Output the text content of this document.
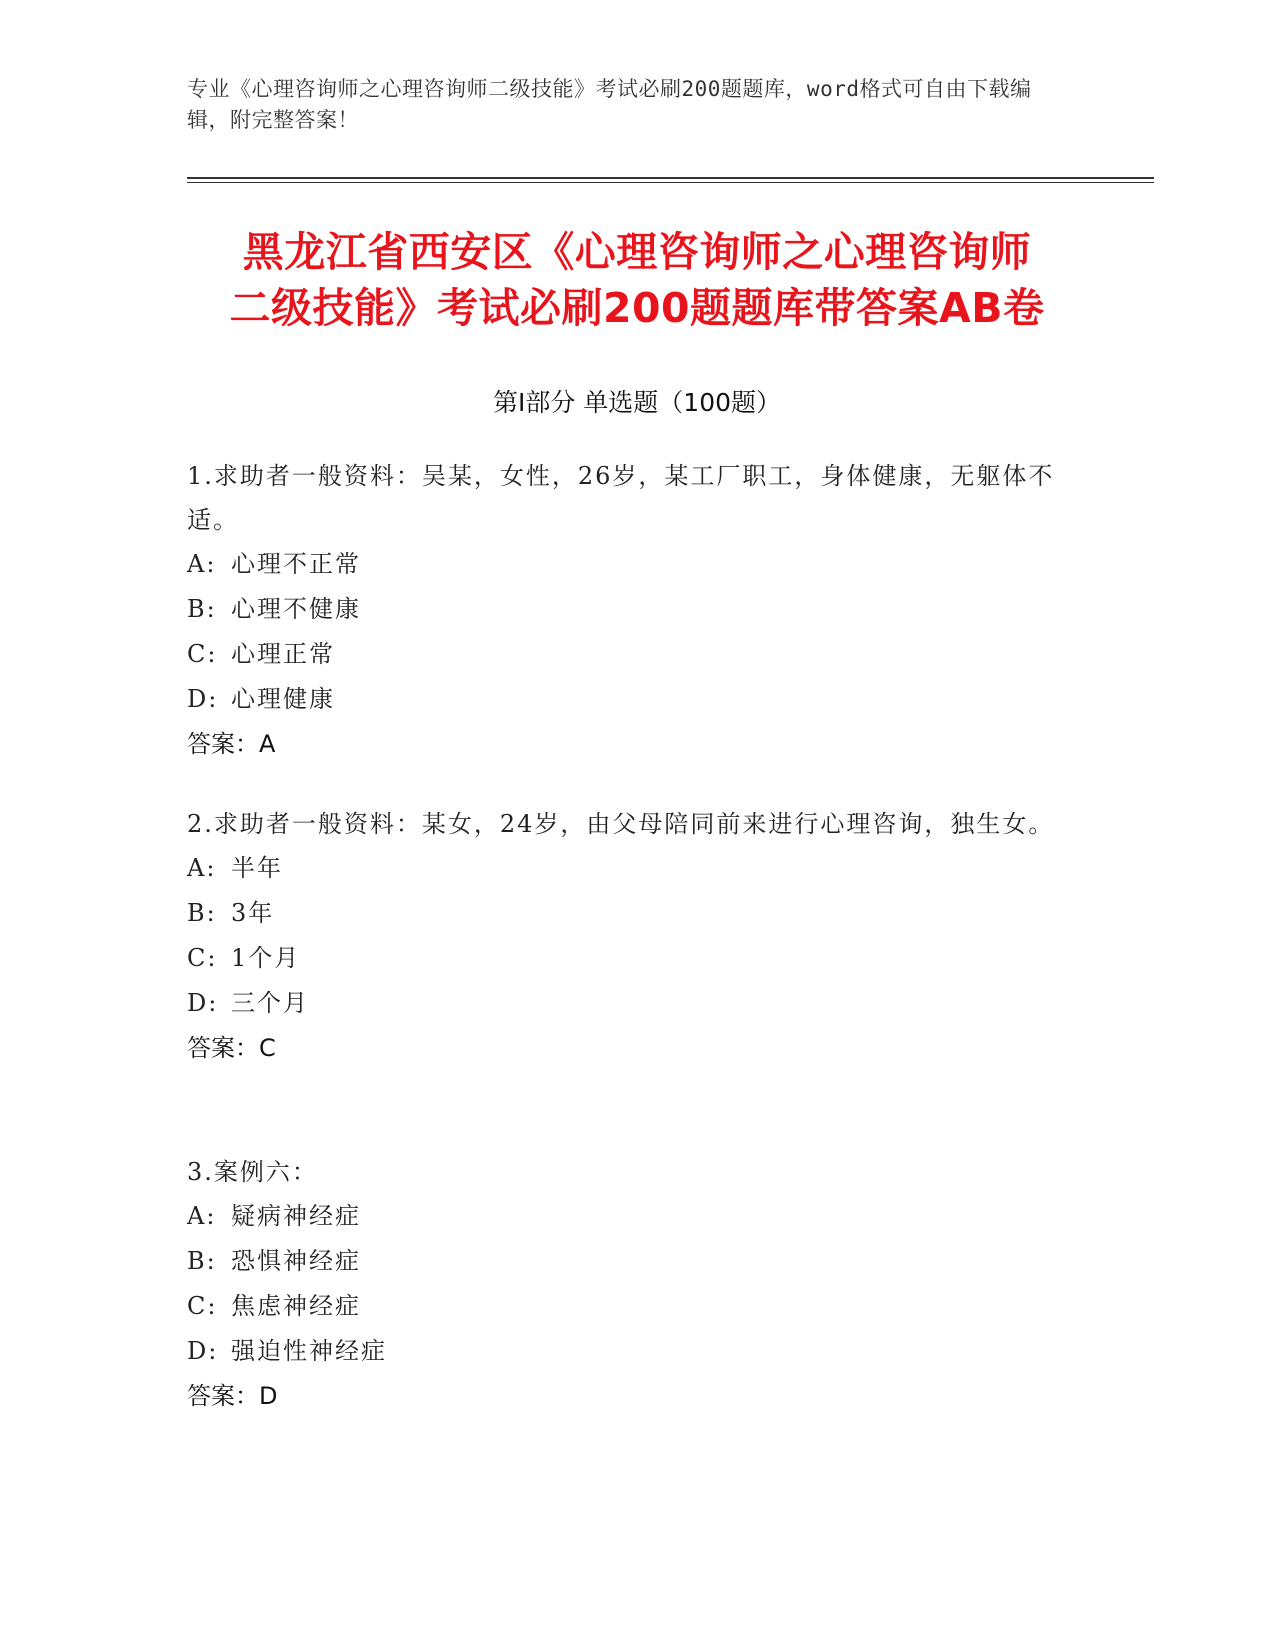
专业《心理咨询师之心理咨询师二级技能》考试必刷200题题库，word格式可自由下载编辑，附完整答案！
黑龙江省西安区《心理咨询师之心理咨询师
二级技能》考试必刷200题题库带答案AB卷
第Ⅰ部分 单选题（100题）
1.求助者一般资料：吴某，女性，26岁，某工厂职工，身体健康，无躯体不适。
A: 心理不正常
B: 心理不健康
C: 心理正常
D: 心理健康
答案：A
2.求助者一般资料：某女，24岁，由父母陪同前来进行心理咨询，独生女。
A: 半年
B: 3年
C: 1个月
D: 三个月
答案：C
3.案例六：
A: 疑病神经症
B: 恐惧神经症
C: 焦虑神经症
D: 强迫性神经症
答案：D
